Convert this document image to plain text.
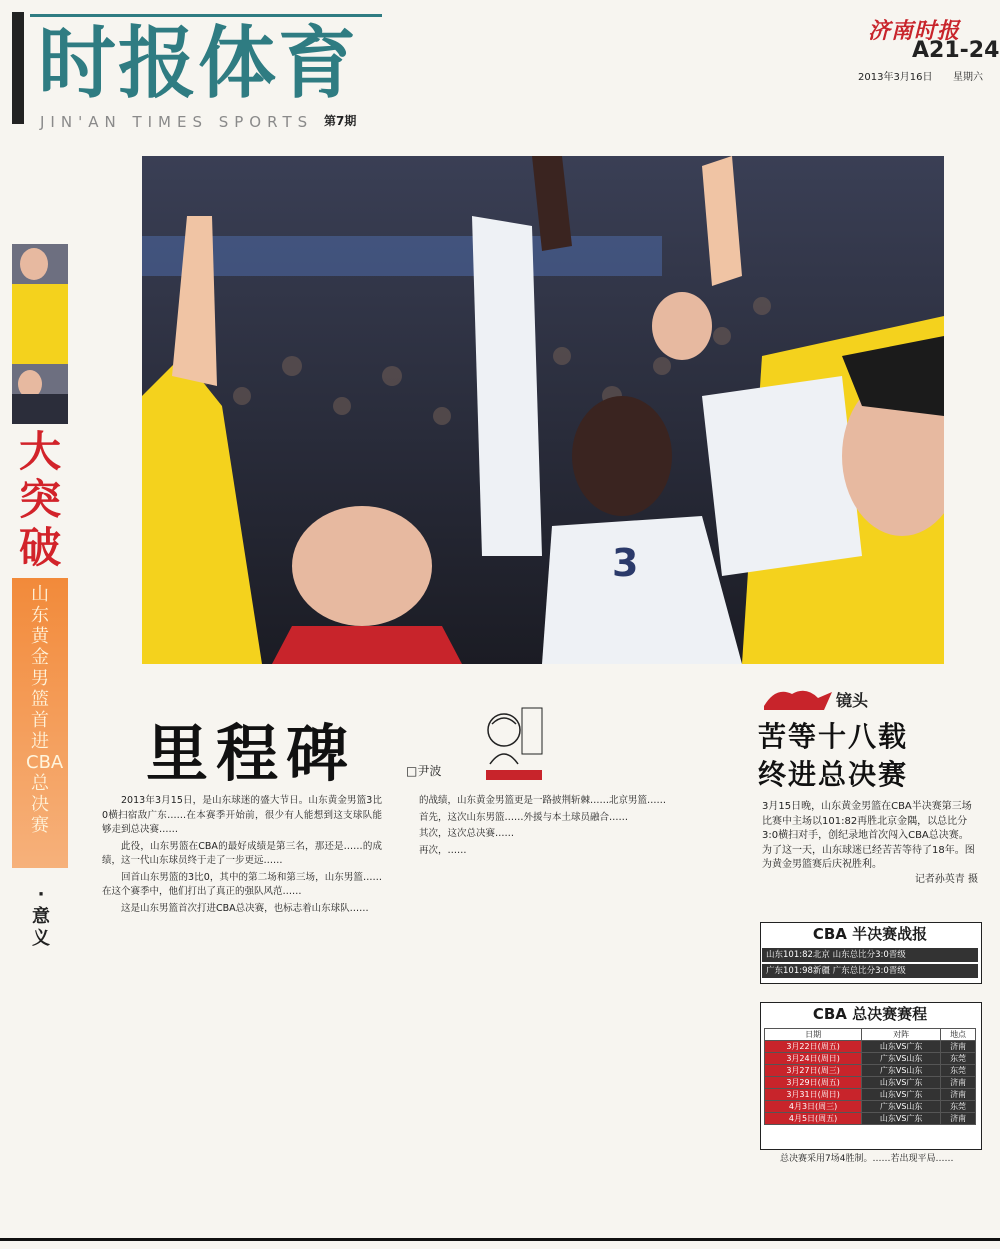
时报体育
JIN'AN TIMES SPORTS 第7期
济南时报
A21-24
2013年3月16日 星期六
3
大突破
山东黄金男篮首进CBA总决赛
·意义
里程碑	□尹波

2013年3月15日，是山东球迷的盛大节日。山东黄金男篮3比0横扫宿敌广东……在本赛季开始前，很少有人能想到这支球队能够走到总决赛……

此役，山东男篮在CBA的最好成绩是第三名，那还是……的成绩，这一代山东球员终于走了一步更远……

回首山东男篮的3比0，其中的第二场和第三场，山东男篮……在这个赛季中，他们打出了真正的强队风范……

这是山东男篮首次打进CBA总决赛，也标志着山东球队……

的战绩，山东黄金男篮更是一路披荆斩棘……北京男篮……

首先，这次山东男篮……外援与本土球员融合……

其次，这次总决赛……

再次，……

镜头
苦等十八载
终进总决赛
3月15日晚，山东黄金男篮在CBA半决赛第三场比赛中主场以101:82再胜北京金隅，以总比分3:0横扫对手，创纪录地首次闯入CBA总决赛。为了这一天，山东球迷已经苦苦等待了18年。图为黄金男篮赛后庆祝胜利。
记者孙英青 摄
CBA 半决赛战报
山东101:82北京 山东总比分3:0晋级
广东101:98新疆 广东总比分3:0晋级
CBA 总决赛赛程
日期	对阵	地点
3月22日(周五)	山东VS广东	济南
3月24日(周日)	广东VS山东	东莞
3月27日(周三)	广东VS山东	东莞
3月29日(周五)	山东VS广东	济南
3月31日(周日)	山东VS广东	济南
4月3日(周三)	广东VS山东	东莞
4月5日(周五)	山东VS广东	济南
总决赛采用7场4胜制。……若出现平局……
